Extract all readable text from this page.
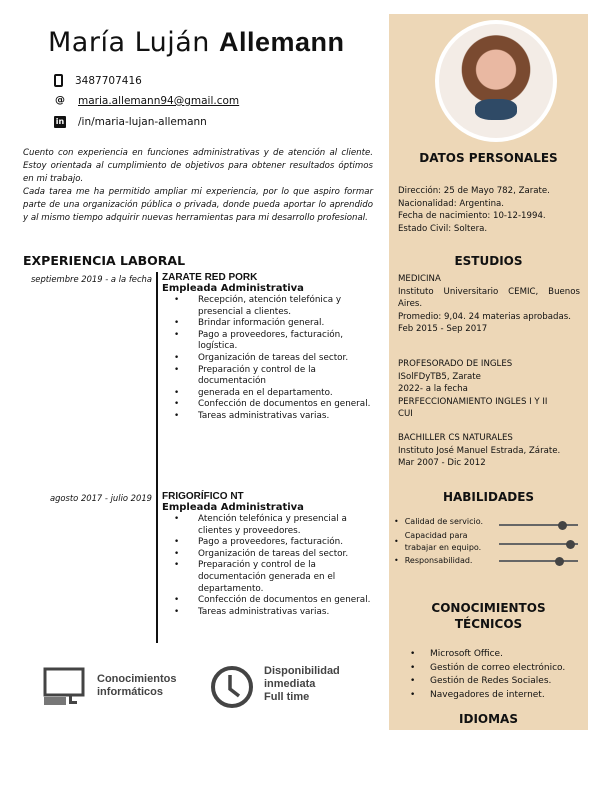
María Luján Allemann
3487707416
@ maria.allemann94@gmail.com
in /in/maria-lujan-allemann

Cuento con experiencia en funciones administrativas y de atención al cliente. Estoy orientada al cumplimiento de objetivos para obtener resultados óptimos en mi trabajo.

Cada tarea me ha permitido ampliar mi experiencia, por lo que aspiro formar parte de una organización pública o privada, donde pueda aportar lo aprendido y al mismo tiempo adquirir nuevas herramientas para mi desarrollo profesional.

EXPERIENCIA LABORAL
septiembre 2019 - a la fecha ZARATE RED PORK
Empleada Administrativa
• Recepción, atención telefónica y presencial a clientes.
• Brindar información general.
• Pago a proveedores, facturación, logística.
• Organización de tareas del sector.
• Preparación y control de la documentación
• generada en el departamento.
• Confección de documentos en general.
• Tareas administrativas varias.
agosto 2017 - julio 2019 FRIGORÍFICO NT
Empleada Administrativa
• Atención telefónica y presencial a clientes y proveedores.
• Pago a proveedores, facturación.
• Organización de tareas del sector.
• Preparación y control de la documentación generada en el departamento.
• Confección de documentos en general.
• Tareas administrativas varias.
Conocimientos informáticos
Disponibilidad
inmediata
Full time
DATOS PERSONALES
Dirección: 25 de Mayo 782, Zarate.
Nacionalidad: Argentina.
Fecha de nacimiento: 10-12-1994.
Estado Civil: Soltera.
ESTUDIOS
MEDICINA
Instituto Universitario CEMIC, Buenos Aires.
Promedio: 9,04. 24 materias aprobadas.
Feb 2015 - Sep 2017
PROFESORADO DE INGLES
ISolFDyTB5, Zarate
2022- a la fecha
PERFECCIONAMIENTO INGLES I Y II
CUI
BACHILLER CS NATURALES
Instituto José Manuel Estrada, Zárate.
Mar 2007 - Dic 2012
HABILIDADES
• Calidad de servicio.
•
Capacidad para trabajar en equipo.
• Responsabilidad.
CONOCIMIENTOS
TÉCNICOS
• Microsoft Office.
• Gestión de correo electrónico.
• Gestión de Redes Sociales.
• Navegadores de internet.
IDIOMAS
